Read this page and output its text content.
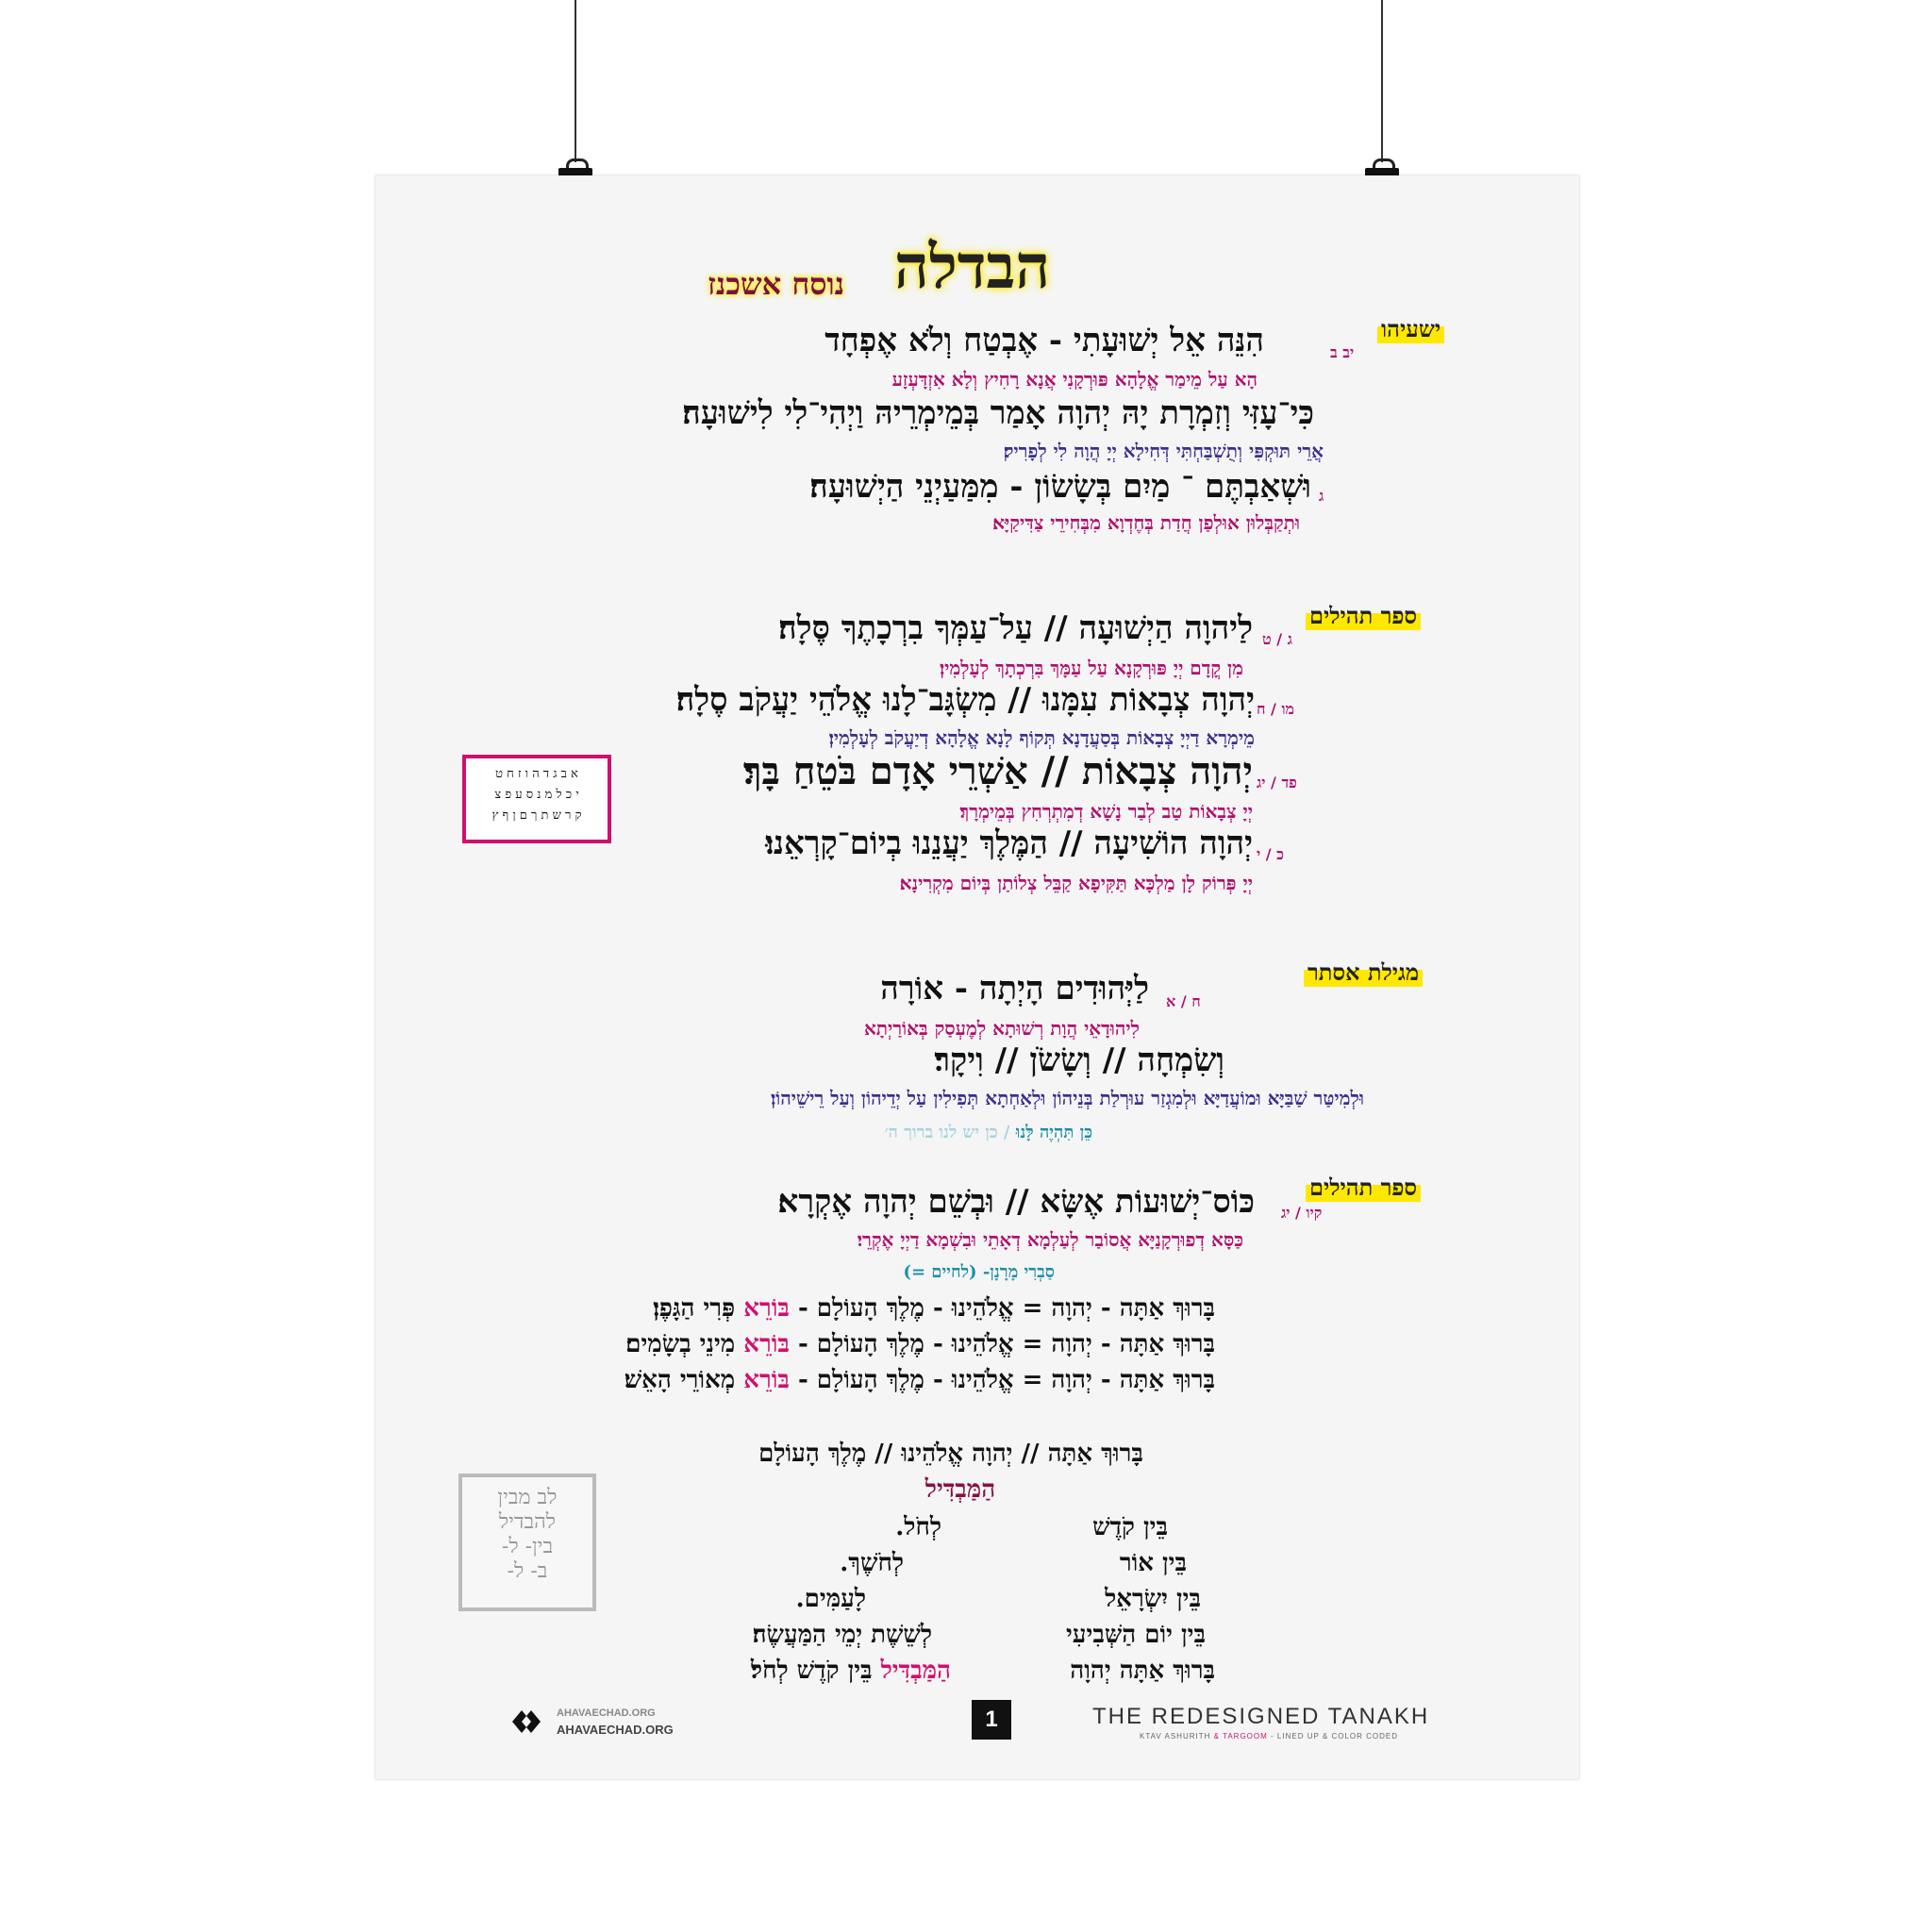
הבדלה
נוסח אשכנז
ישעיהו
יב ב
הִנֵּה אֵל יְשׁוּעָתִי - אֶבְטַח וְלֹא אֶפְחָד
הָא עַל מֵימַר אֱלָהָא פּוּרְקָנִי אֲנָא רָחִיץ וְלָא אִזְדָּעְזָע
כִּי־עָזִּי וְזִמְרָת יָהּ יְהוָה אָמַר בְּמֵימְרֵיהּ וַיְהִי־לִי לִישׁוּעָה׃
אֲרֵי תּוּקְפִּי וְתֻשְׁבַּחְתִּי דְּחִילָא יְיָ הֲוָה לִי לְפָרִיק׃
ג
וּשְׁאַבְתֶּם ־ מַיִם בְּשָׂשׂוֹן - מִמַּעַיְנֵי הַיְשׁוּעָה׃
וּתְקַבְּלוּן אוּלְפַן חֲדַת בְּחֶדְוָא מִבְּחִירֵי צַדִּיקַיָּא׃
ספר תהילים
ג / ט
לַיהוָה הַיְשׁוּעָה // עַל־עַמְּךָ בִרְכָתֶךָ סֶּלָה׃
מִן קֳדָם יְיָ פּוּרְקָנָא עַל עַמָּךְ בִּרְכְתָךְ לְעָלְמִין׃
מו / ח
יְהוָה צְבָאוֹת עִמָּנוּ // מִשְׂגָּב־לָנוּ אֱלֹהֵי יַעֲקֹב סֶלָה׃
מֵימְרָא דַיְיָ צְבָאוֹת בְּסַעֲדָנָא תְּקוֹף לָנָא אֱלָהָא דְיַעֲקֹב לְעָלְמִין׃
פד / יג
יְהוָה צְבָאוֹת // אַשְׁרֵי אָדָם בֹּטֵחַ בָּךְ׃
יְיָ צְבָאוֹת טַב לְבַר נָשָׁא דְמִתְרְחִץ בְּמֵימְרָךְ׃
כ / י
יְהוָה הוֹשִׁיעָה // הַמֶּלֶךְ יַעֲנֵנוּ בְיוֹם־קָרְאֵנוּ׃
יְיָ פְּרוֹק לָן מַלְכָּא תַּקִּיפָא קַבֵּל צְלוֹתַן בְּיוֹם מִקְרִינָא׃
א ב ג ד ה ו ז ח ט
י כ ל מ נ ס ע פ צ
ק ר ש ת ך ם ן ף ץ
מגילת אסתר
ח / א
לַיְּהוּדִים הָיְתָה - אוֹרָה
לִיהוּדָאֵי הֲוָת רְשׁוּתָא לְמֶעְסַק בְּאוֹרַיְתָא
וְשִׂמְחָה // וְשָׂשֹׂן // וִיקָר׃
וּלְמִיטַּר שַׁבַּיָּא וּמוֹעֲדַיָּא וּלְמִגְזַר עוּרְלַת בְּנֵיהוֹן וּלְאַחְתָא תְּפִילִין עַל יְדֵיהוֹן וְעַל רֵישֵׁיהוֹן׃
כֵּן תִּהְיֶה לָּנוּ / כן יש לנו ברוך ה׳
ספר תהילים
קיו / יג
כּוֹס־יְשׁוּעוֹת אֶשָּׂא // וּבְשֵׁם יְהוָה אֶקְרָא׃
כַּסָּא דְפוּרְקָנַיָּא אֲסוֹבַר לְעַלְמָא דְאָתֵי וּבִשְׁמָא דַיְיָ אֶקְרֵי׃
סַבְרִי מָרָנָן- (לחיים =)
בָּרוּךְ אַתָּה - יְהוָה = אֱלֹהֵינוּ - מֶלֶךְ הָעוֹלָם - בּוֹרֵא פְּרִי הַגָּפֶן׃
בָּרוּךְ אַתָּה - יְהוָה = אֱלֹהֵינוּ - מֶלֶךְ הָעוֹלָם - בּוֹרֵא מִינֵי בְשָׂמִים׃
בָּרוּךְ אַתָּה - יְהוָה = אֱלֹהֵינוּ - מֶלֶךְ הָעוֹלָם - בּוֹרֵא מְאוֹרֵי הָאֵשׁ׃
בָּרוּךְ אַתָּה // יְהוָה אֱלֹהֵינוּ // מֶלֶךְ הָעוֹלָם
הַמַּבְדִּיל
בֵּין קֹדֶשׁ
לְחֹל.
בֵּין אוֹר
לְחֹשֶׁךְ.
בֵּין יִשְׂרָאֵל
לָעַמִּים.
בֵּין יוֹם הַשְּׁבִיעִי
לְשֵׁשֶׁת יְמֵי הַמַּעֲשֶׂה׃
בָּרוּךְ אַתָּה יְהוָה
הַמַּבְדִּיל בֵּין קֹדֶשׁ לְחֹל׃
לב מבין
להבדיל
בין- ל-
ב- ל-
AHAVAECHAD.ORG
AHAVAECHAD.ORG	1	THE REDESIGNED TANAKH
KTAV ASHURITH & TARGOOM - LINED UP & COLOR CODED
